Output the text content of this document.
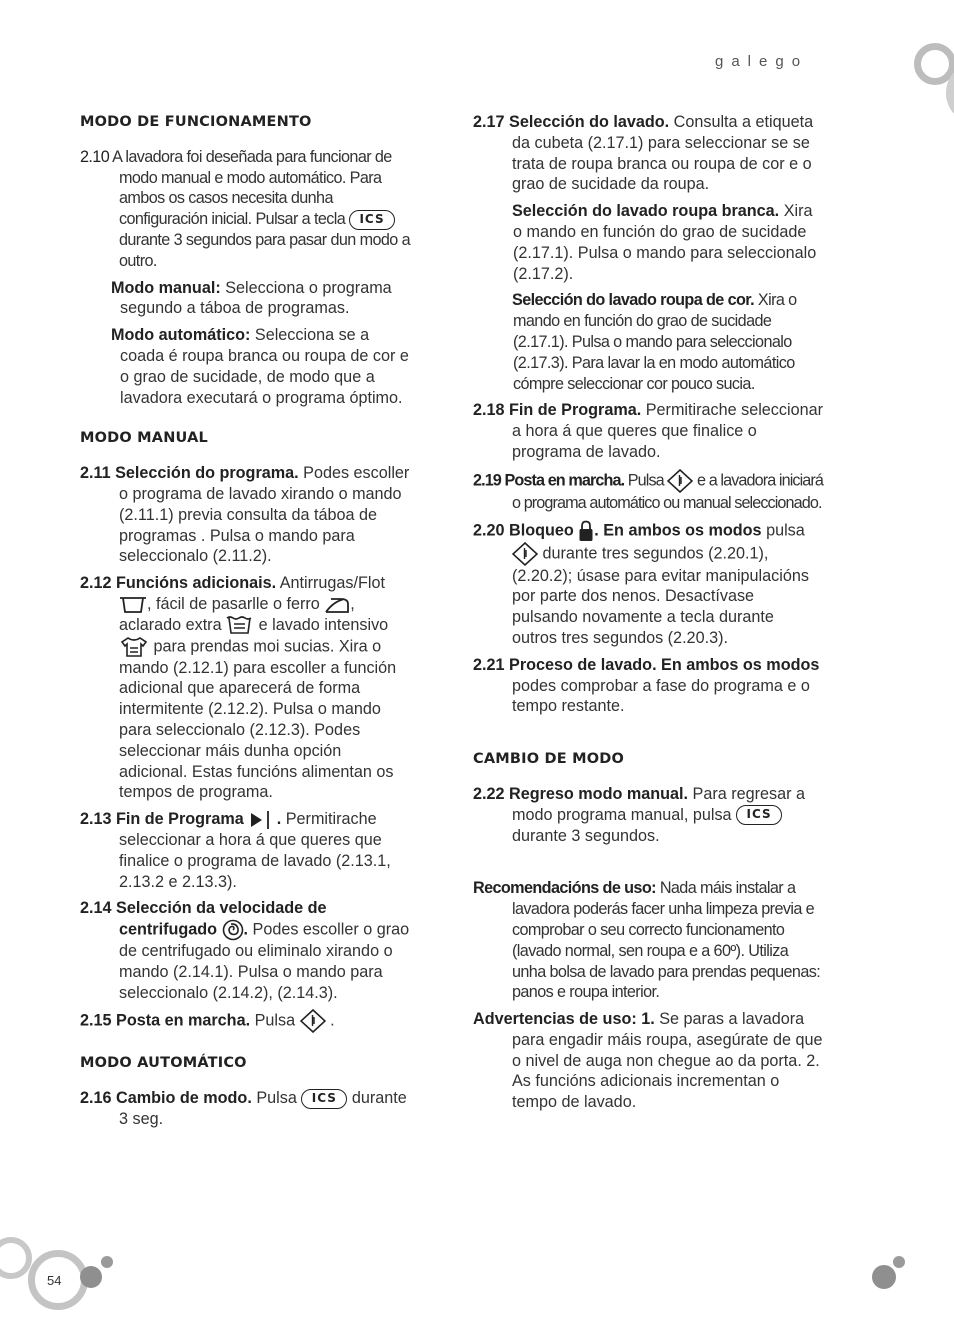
galego
54
MODO DE FUNCIONAMENTO
2.10 A lavadora foi deseñada para funcionar de modo manual e modo automático. Para ambos os casos necesita dunha configuración inicial. Pulsar a tecla ICS durante 3 segundos para pasar dun modo a outro.
Modo manual: Selecciona o programa segundo a táboa de programas.
Modo automático: Selecciona se a coada é roupa branca ou roupa de cor e o grao de sucidade, de modo que a lavadora executará o programa óptimo.
MODO MANUAL
2.11 Selección do programa. Podes escoller o programa de lavado xirando o mando (2.11.1) previa consulta da táboa de programas . Pulsa o mando para seleccionalo (2.11.2).
2.12 Funcións adicionais. Antirrugas/Flot , fácil de pasarlle o ferro , aclarado extra e lavado intensivo  para prendas moi sucias. Xira o mando (2.12.1) para escoller a función adicional que aparecerá de forma intermitente (2.12.2). Pulsa o mando para seleccionalo (2.12.3). Podes seleccionar máis dunha opción adicional. Estas funcións alimentan os tempos de programa.
2.13 Fin de Programa . Permitirache seleccionar a hora á que queres que finalice o programa de lavado (2.13.1, 2.13.2 e 2.13.3).
2.14 Selección da velocidade de centrifugado . Podes escoller o grao de centrifugado ou eliminalo xirando o mando (2.14.1). Pulsa o mando para seleccionalo (2.14.2), (2.14.3).
2.15 Posta en marcha. Pulsa .
MODO AUTOMÁTICO
2.16 Cambio de modo. Pulsa ICS durante 3 seg.
2.17 Selección do lavado. Consulta a etiqueta da cubeta (2.17.1) para seleccionar se se trata de roupa branca ou roupa de cor e o grao de sucidade da roupa.
Selección do lavado roupa branca. Xira o mando en función do grao de sucidade (2.17.1). Pulsa o mando para seleccionalo (2.17.2).
Selección do lavado roupa de cor. Xira o mando en función do grao de sucidade (2.17.1). Pulsa o mando para seleccionalo (2.17.3). Para lavar la en modo automático cómpre seleccionar cor pouco sucia.
2.18 Fin de Programa. Permitirache seleccionar a hora á que queres que finalice o programa de lavado.
2.19 Posta en marcha. Pulsa e a lavadora iniciará o programa automático ou manual seleccionado.
2.20 Bloqueo . En ambos os modos pulsa  durante tres segundos (2.20.1), (2.20.2); úsase para evitar manipulacións por parte dos nenos. Desactívase pulsando novamente a tecla durante outros tres segundos (2.20.3).
2.21 Proceso de lavado. En ambos os modos podes comprobar a fase do programa e o tempo restante.
CAMBIO DE MODO
2.22 Regreso modo manual. Para regresar a modo programa manual, pulsa ICS durante 3 segundos.
Recomendacións de uso: Nada máis instalar a lavadora poderás facer unha limpeza previa e comprobar o seu correcto funcionamento (lavado normal, sen roupa e a 60º). Utiliza unha bolsa de lavado para prendas pequenas: panos e roupa interior.
Advertencias de uso: 1. Se paras a lavadora para engadir máis roupa, asegúrate de que o nivel de auga non chegue ao da porta. 2. As funcións adicionais incrementan o tempo de lavado.
